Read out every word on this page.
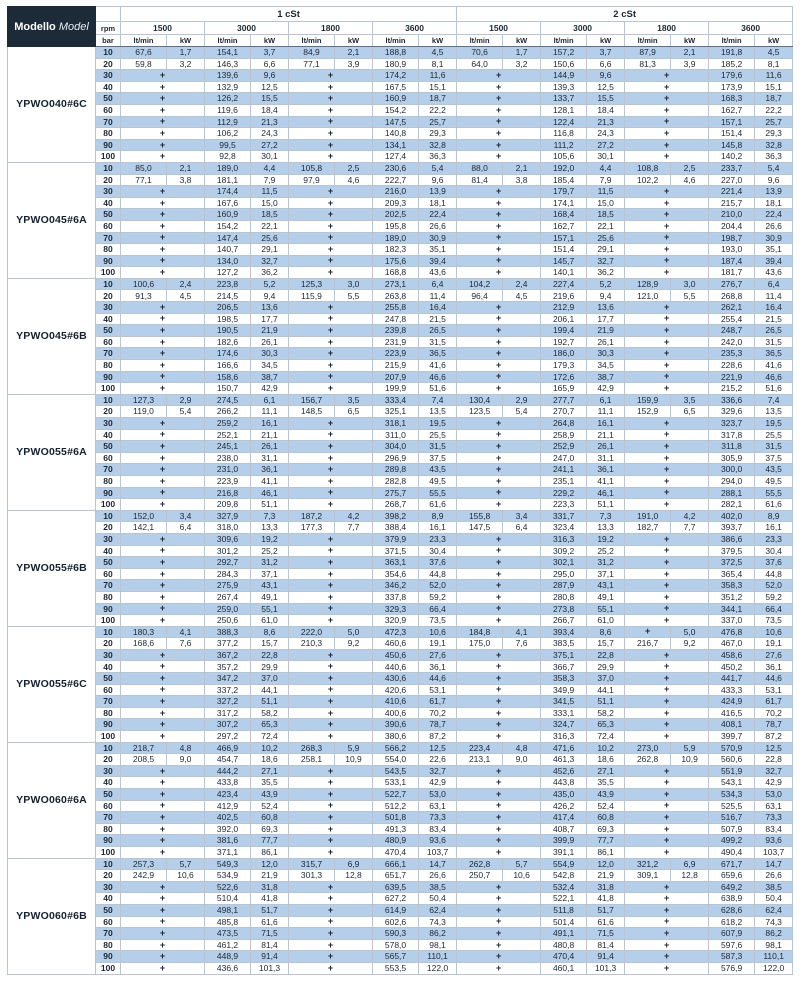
Modello Model		1 cSt								2 cSt							
	rpm	1500		3000		1800		3600		1500		3000		1800		3600	
	bar	lt/min	kW	lt/min	kW	lt/min	kW	lt/min	kW	lt/min	kW	lt/min	kW	lt/min	kW	lt/min	kW
YPWO040#6C	10	67,6	1,7	154,1	3,7	84,9	2,1	188,8	4,5	70,6	1,7	157,2	3,7	87,9	2,1	191,8	4,5
	20	59,8	3,2	146,3	6,6	77,1	3,9	180,9	8,1	64,0	3,2	150,6	6,6	81,3	3,9	185,2	8,1
	30	+		139,6	9,6	+		174,2	11,6	+		144,9	9,6	+		179,6	11,6
	40	+		132,9	12,5	+		167,5	15,1	+		139,3	12,5	+		173,9	15,1
	50	+		126,2	15,5	+		160,9	18,7	+		133,7	15,5	+		168,3	18,7
	60	+		119,6	18,4	+		154,2	22,2	+		128,1	18,4	+		162,7	22,2
	70	+		112,9	21,3	+		147,5	25,7	+		122,4	21,3	+		157,1	25,7
	80	+		106,2	24,3	+		140,8	29,3	+		116,8	24,3	+		151,4	29,3
	90	+		99,5	27,2	+		134,1	32,8	+		111,2	27,2	+		145,8	32,8
	100	+		92,8	30,1	+		127,4	36,3	+		105,6	30,1	+		140,2	36,3
YPWO045#6A	10	85,0	2,1	189,0	4,4	105,8	2,5	230,6	5,4	88,0	2,1	192,0	4,4	108,8	2,5	233,7	5,4
	20	77,1	3,8	181,1	7,9	97,9	4,6	222,7	9,6	81,4	3,8	185,4	7,9	102,2	4,6	227,0	9,6
	30	+		174,4	11,5	+		216,0	13,9	+		179,7	11,5	+		221,4	13,9
	40	+		167,6	15,0	+		209,3	18,1	+		174,1	15,0	+		215,7	18,1
	50	+		160,9	18,5	+		202,5	22,4	+		168,4	18,5	+		210,0	22,4
	60	+		154,2	22,1	+		195,8	26,6	+		162,7	22,1	+		204,4	26,6
	70	+		147,4	25,6	+		189,0	30,9	+		157,1	25,6	+		198,7	30,9
	80	+		140,7	29,1	+		182,3	35,1	+		151,4	29,1	+		193,0	35,1
	90	+		134,0	32,7	+		175,6	39,4	+		145,7	32,7	+		187,4	39,4
	100	+		127,2	36,2	+		168,8	43,6	+		140,1	36,2	+		181,7	43,6
YPWO045#6B	10	100,6	2,4	223,8	5,2	125,3	3,0	273,1	6,4	104,2	2,4	227,4	5,2	128,9	3,0	276,7	6,4
	20	91,3	4,5	214,5	9,4	115,9	5,5	263,8	11,4	96,4	4,5	219,6	9,4	121,0	5,5	268,8	11,4
	30	+		206,5	13,6	+		255,8	16,4	+		212,9	13,6	+		262,1	16,4
	40	+		198,5	17,7	+		247,8	21,5	+		206,1	17,7	+		255,4	21,5
	50	+		190,5	21,9	+		239,8	26,5	+		199,4	21,9	+		248,7	26,5
	60	+		182,6	26,1	+		231,9	31,5	+		192,7	26,1	+		242,0	31,5
	70	+		174,6	30,3	+		223,9	36,5	+		186,0	30,3	+		235,3	36,5
	80	+		166,6	34,5	+		215,9	41,6	+		179,3	34,5	+		228,6	41,6
	90	+		158,6	38,7	+		207,9	46,6	+		172,6	38,7	+		221,9	46,6
	100	+		150,7	42,9	+		199,9	51,6	+		165,9	42,9	+		215,2	51,6
YPWO055#6A	10	127,3	2,9	274,5	6,1	156,7	3,5	333,4	7,4	130,4	2,9	277,7	6,1	159,9	3,5	336,6	7,4
	20	119,0	5,4	266,2	11,1	148,5	6,5	325,1	13,5	123,5	5,4	270,7	11,1	152,9	6,5	329,6	13,5
	30	+		259,2	16,1	+		318,1	19,5	+		264,8	16,1	+		323,7	19,5
	40	+		252,1	21,1	+		311,0	25,5	+		258,9	21,1	+		317,8	25,5
	50	+		245,1	26,1	+		304,0	31,5	+		252,9	26,1	+		311,8	31,5
	60	+		238,0	31,1	+		296,9	37,5	+		247,0	31,1	+		305,9	37,5
	70	+		231,0	36,1	+		289,8	43,5	+		241,1	36,1	+		300,0	43,5
	80	+		223,9	41,1	+		282,8	49,5	+		235,1	41,1	+		294,0	49,5
	90	+		216,8	46,1	+		275,7	55,5	+		229,2	46,1	+		288,1	55,5
	100	+		209,8	51,1	+		268,7	61,6	+		223,3	51,1	+		282,1	61,6
YPWO055#6B	10	152,0	3,4	327,9	7,3	187,2	4,2	398,2	8,9	155,8	3,4	331,7	7,3	191,0	4,2	402,0	8,9
	20	142,1	6,4	318,0	13,3	177,3	7,7	388,4	16,1	147,5	6,4	323,4	13,3	182,7	7,7	393,7	16,1
	30	+		309,6	19,2	+		379,9	23,3	+		316,3	19,2	+		386,6	23,3
	40	+		301,2	25,2	+		371,5	30,4	+		309,2	25,2	+		379,5	30,4
	50	+		292,7	31,2	+		363,1	37,6	+		302,1	31,2	+		372,5	37,6
	60	+		284,3	37,1	+		354,6	44,8	+		295,0	37,1	+		365,4	44,8
	70	+		275,9	43,1	+		346,2	52,0	+		287,9	43,1	+		358,3	52,0
	80	+		267,4	49,1	+		337,8	59,2	+		280,8	49,1	+		351,2	59,2
	90	+		259,0	55,1	+		329,3	66,4	+		273,8	55,1	+		344,1	66,4
	100	+		250,6	61,0	+		320,9	73,5	+		266,7	61,0	+		337,0	73,5
YPWO055#6C	10	180,3	4,1	388,3	8,6	222,0	5,0	472,3	10,6	184,8	4,1	393,4	8,6	+	5,0	476,8	10,6
	20	168,6	7,6	377,2	15,7	210,3	9,2	460,6	19,1	175,0	7,6	383,5	15,7	216,7	9,2	467,0	19,1
	30	+		367,2	22,8	+		450,6	27,6	+		375,1	22,8	+		458,6	27,6
	40	+		357,2	29,9	+		440,6	36,1	+		366,7	29,9	+		450,2	36,1
	50	+		347,2	37,0	+		430,6	44,6	+		358,3	37,0	+		441,7	44,6
	60	+		337,2	44,1	+		420,6	53,1	+		349,9	44,1	+		433,3	53,1
	70	+		327,2	51,1	+		410,6	61,7	+		341,5	51,1	+		424,9	61,7
	80	+		317,2	58,2	+		400,6	70,2	+		333,1	58,2	+		416,5	70,2
	90	+		307,2	65,3	+		390,6	78,7	+		324,7	65,3	+		408,1	78,7
	100	+		297,2	72,4	+		380,6	87,2	+		316,3	72,4	+		399,7	87,2
YPWO060#6A	10	218,7	4,8	466,9	10,2	268,3	5,9	566,2	12,5	223,4	4,8	471,6	10,2	273,0	5,9	570,9	12,5
	20	208,5	9,0	454,7	18,6	258,1	10,9	554,0	22,6	213,1	9,0	461,3	18,6	262,8	10,9	560,6	22,8
	30	+		444,2	27,1	+		543,5	32,7	+		452,6	27,1	+		551,9	32,7
	40	+		433,8	35,5	+		533,1	42,9	+		443,8	35,5	+		543,1	42,9
	50	+		423,4	43,9	+		522,7	53,0	+		435,0	43,9	+		534,3	53,0
	60	+		412,9	52,4	+		512,2	63,1	+		426,2	52,4	+		525,5	63,1
	70	+		402,5	60,8	+		501,8	73,3	+		417,4	60,8	+		516,7	73,3
	80	+		392,0	69,3	+		491,3	83,4	+		408,7	69,3	+		507,9	83,4
	90	+		381,6	77,7	+		480,9	93,6	+		399,9	77,7	+		499,2	93,6
	100	+		371,1	86,1	+		470,4	103,7	+		391,1	86,1	+		490,4	103,7
YPWO060#6B	10	257,3	5,7	549,3	12,0	315,7	6,9	666,1	14,7	262,8	5,7	554,9	12,0	321,2	6,9	671,7	14,7
	20	242,9	10,6	534,9	21,9	301,3	12,8	651,7	26,6	250,7	10,6	542,8	21,9	309,1	12,8	659,6	26,6
	30	+		522,6	31,8	+		639,5	38,5	+		532,4	31,8	+		649,2	38,5
	40	+		510,4	41,8	+		627,2	50,4	+		522,1	41,8	+		638,9	50,4
	50	+		498,1	51,7	+		614,9	62,4	+		511,8	51,7	+		628,6	62,4
	60	+		485,8	61,6	+		602,6	74,3	+		501,4	61,6	+		618,2	74,3
	70	+		473,5	71,5	+		590,3	86,2	+		491,1	71,5	+		607,9	86,2
	80	+		461,2	81,4	+		578,0	98,1	+		480,8	81,4	+		597,6	98,1
	90	+		448,9	91,4	+		565,7	110,1	+		470,4	91,4	+		587,3	110,1
	100	+		436,6	101,3	+		553,5	122,0	+		460,1	101,3	+		576,9	122,0
